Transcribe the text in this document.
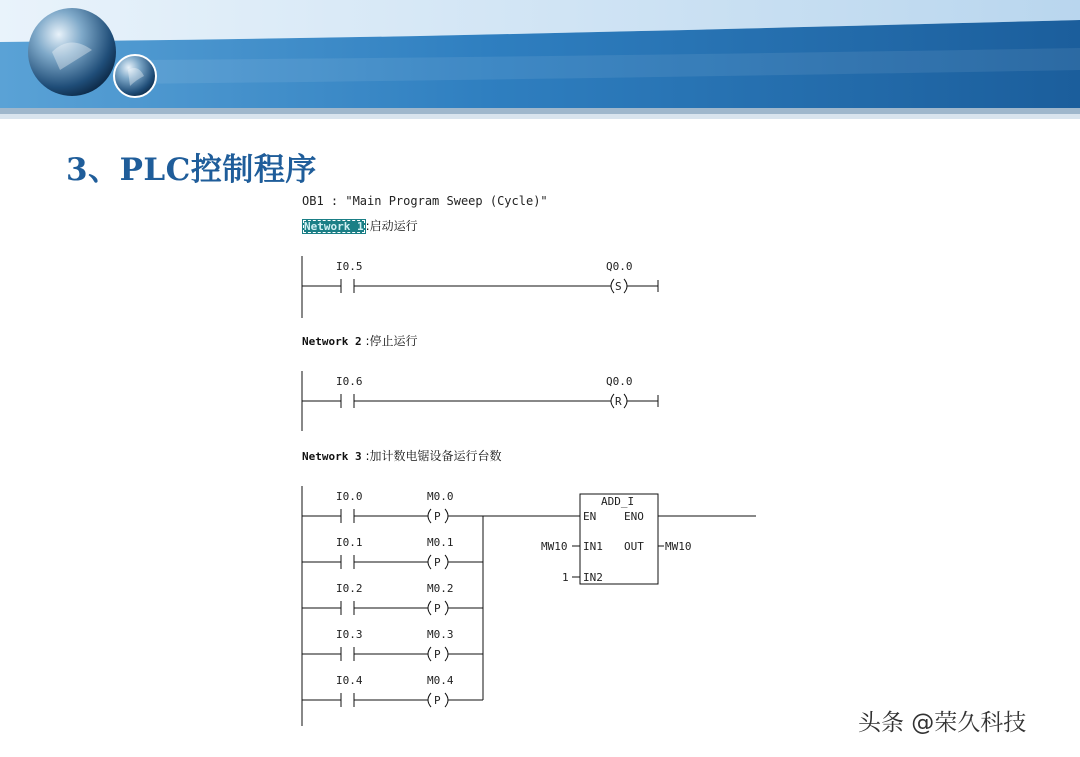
3、PLC控制程序
OB1 : "Main Program Sweep (Cycle)"
Network 1 :启动运行
Network 2 :停止运行
Network 3 :加计数电锯设备运行台数
I0.5	Q0.0
S
I0.6	Q0.0
R
I0.0	M0.0
P
I0.1	M0.1
P
I0.2	M0.2
P
I0.3	M0.3
P
I0.4	M0.4
P
ADD_I
EN	ENO
IN1 OUT
IN2
MW10
1
MW10
头条 @荣久科技
